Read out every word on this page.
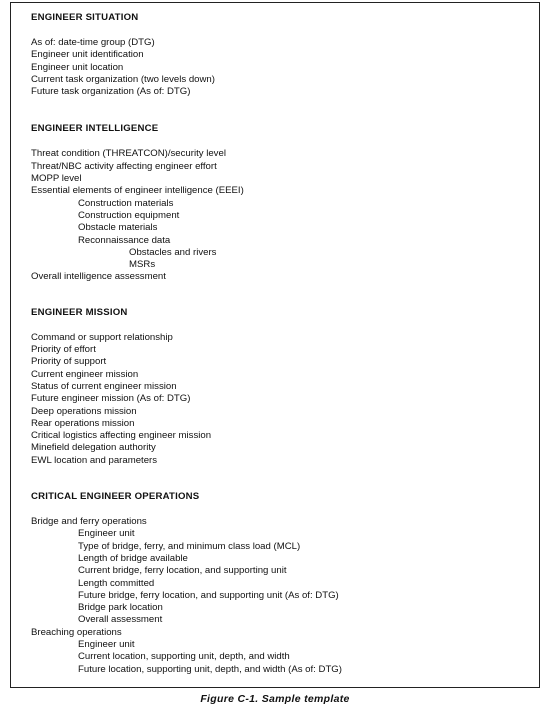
ENGINEER SITUATION
As of: date-time group (DTG)
Engineer unit identification
Engineer unit location
Current task organization (two levels down)
Future task organization (As of: DTG)
ENGINEER INTELLIGENCE
Threat condition (THREATCON)/security level
Threat/NBC activity affecting engineer effort
MOPP level
Essential elements of engineer intelligence (EEEI)
Construction materials
Construction equipment
Obstacle materials
Reconnaissance data
Obstacles and rivers
MSRs
Overall intelligence assessment
ENGINEER MISSION
Command or support relationship
Priority of effort
Priority of support
Current engineer mission
Status of current engineer mission
Future engineer mission (As of: DTG)
Deep operations mission
Rear operations mission
Critical logistics affecting engineer mission
Minefield delegation authority
EWL location and parameters
CRITICAL ENGINEER OPERATIONS
Bridge and ferry operations
Engineer unit
Type of bridge, ferry, and minimum class load (MCL)
Length of bridge available
Current bridge, ferry location, and supporting unit
Length committed
Future bridge, ferry location, and supporting unit (As of: DTG)
Bridge park location
Overall assessment
Breaching operations
Engineer unit
Current location, supporting unit, depth, and width
Future location, supporting unit, depth, and width (As of: DTG)
Figure C-1. Sample template
